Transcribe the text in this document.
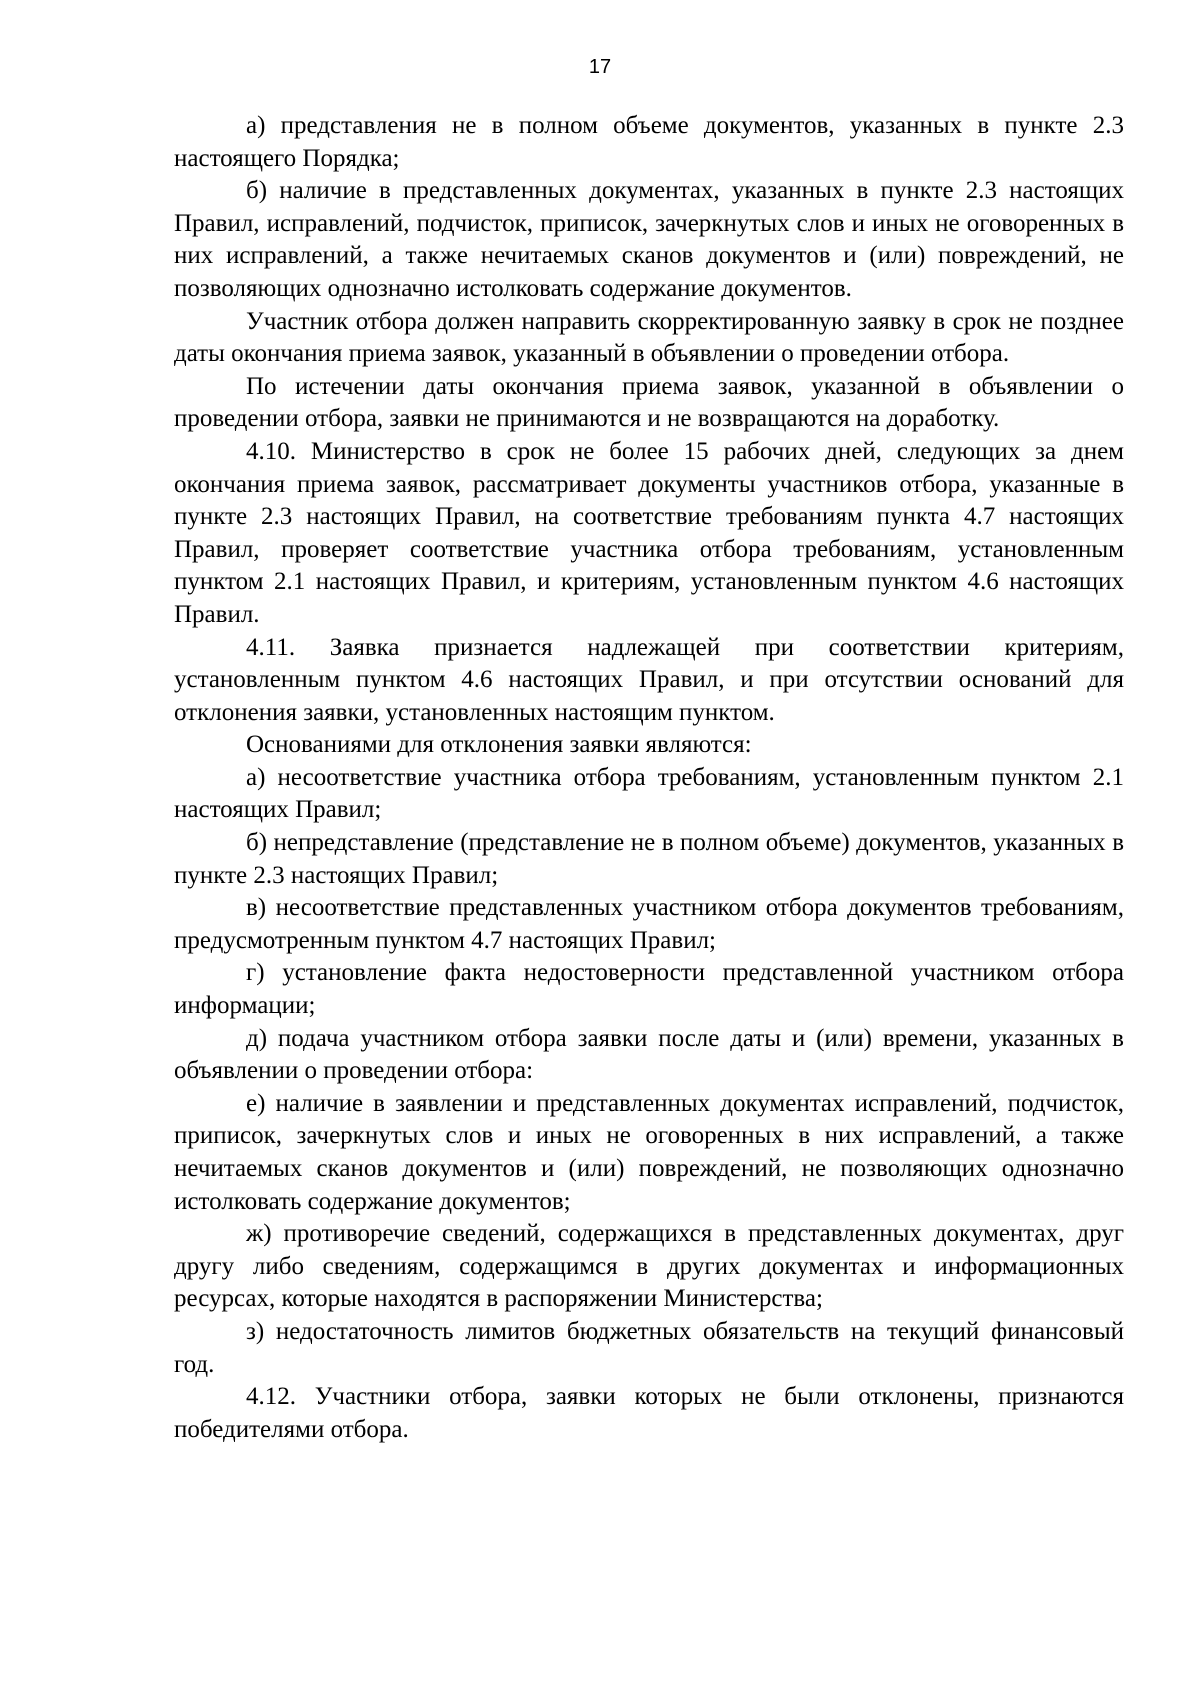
17

а) представления не в полном объеме документов, указанных в пункте 2.3 настоящего Порядка;

б) наличие в представленных документах, указанных в пункте 2.3 настоящих Правил, исправлений, подчисток, приписок, зачеркнутых слов и иных не оговоренных в них исправлений, а также нечитаемых сканов документов и (или) повреждений, не позволяющих однозначно истолковать содержание документов.

Участник отбора должен направить скорректированную заявку в срок не позднее даты окончания приема заявок, указанный в объявлении о проведении отбора.

По истечении даты окончания приема заявок, указанной в объявлении о проведении отбора, заявки не принимаются и не возвращаются на доработку.

4.10. Министерство в срок не более 15 рабочих дней, следующих за днем окончания приема заявок, рассматривает документы участников отбора, указанные в пункте 2.3 настоящих Правил, на соответствие требованиям пункта 4.7 настоящих Правил, проверяет соответствие участника отбора требованиям, установленным пунктом 2.1 настоящих Правил, и критериям, установленным пунктом 4.6 настоящих Правил.

4.11. Заявка признается надлежащей при соответствии критериям, установленным пунктом 4.6 настоящих Правил, и при отсутствии оснований для отклонения заявки, установленных настоящим пунктом.

Основаниями для отклонения заявки являются:

а) несоответствие участника отбора требованиям, установленным пунктом 2.1 настоящих Правил;

б) непредставление (представление не в полном объеме) документов, указанных в пункте 2.3 настоящих Правил;

в) несоответствие представленных участником отбора документов требованиям, предусмотренным пунктом 4.7 настоящих Правил;

г) установление факта недостоверности представленной участником отбора информации;

д) подача участником отбора заявки после даты и (или) времени, указанных в объявлении о проведении отбора:

е) наличие в заявлении и представленных документах исправлений, подчисток, приписок, зачеркнутых слов и иных не оговоренных в них исправлений, а также нечитаемых сканов документов и (или) повреждений, не позволяющих однозначно истолковать содержание документов;

ж) противоречие сведений, содержащихся в представленных документах, друг другу либо сведениям, содержащимся в других документах и информационных ресурсах, которые находятся в распоряжении Министерства;

з) недостаточность лимитов бюджетных обязательств на текущий финансовый год.

4.12. Участники отбора, заявки которых не были отклонены, признаются победителями отбора.
